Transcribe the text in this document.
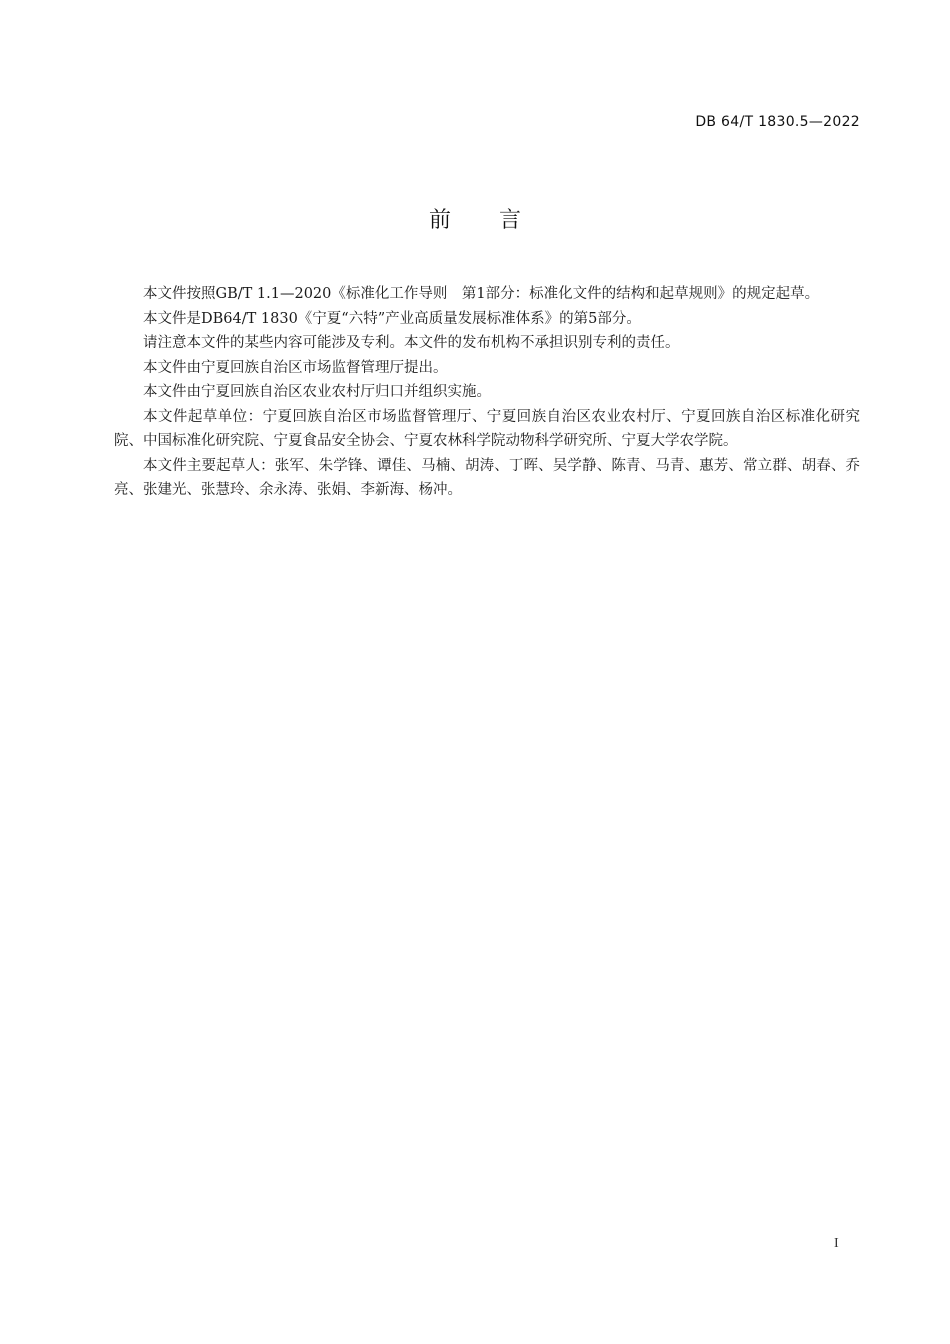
DB 64/T 1830.5—2022
前言

本文件按照GB/T 1.1—2020《标准化工作导则　第1部分：标准化文件的结构和起草规则》的规定起草。

本文件是DB64/T 1830《宁夏“六特”产业高质量发展标准体系》的第5部分。

请注意本文件的某些内容可能涉及专利。本文件的发布机构不承担识别专利的责任。

本文件由宁夏回族自治区市场监督管理厅提出。

本文件由宁夏回族自治区农业农村厅归口并组织实施。

本文件起草单位：宁夏回族自治区市场监督管理厅、宁夏回族自治区农业农村厅、宁夏回族自治区标准化研究院、中国标准化研究院、宁夏食品安全协会、宁夏农林科学院动物科学研究所、宁夏大学农学院。

本文件主要起草人：张军、朱学锋、谭佳、马楠、胡涛、丁晖、吴学静、陈青、马青、惠芳、常立群、胡春、乔亮、张建光、张慧玲、余永涛、张娟、李新海、杨冲。

I
